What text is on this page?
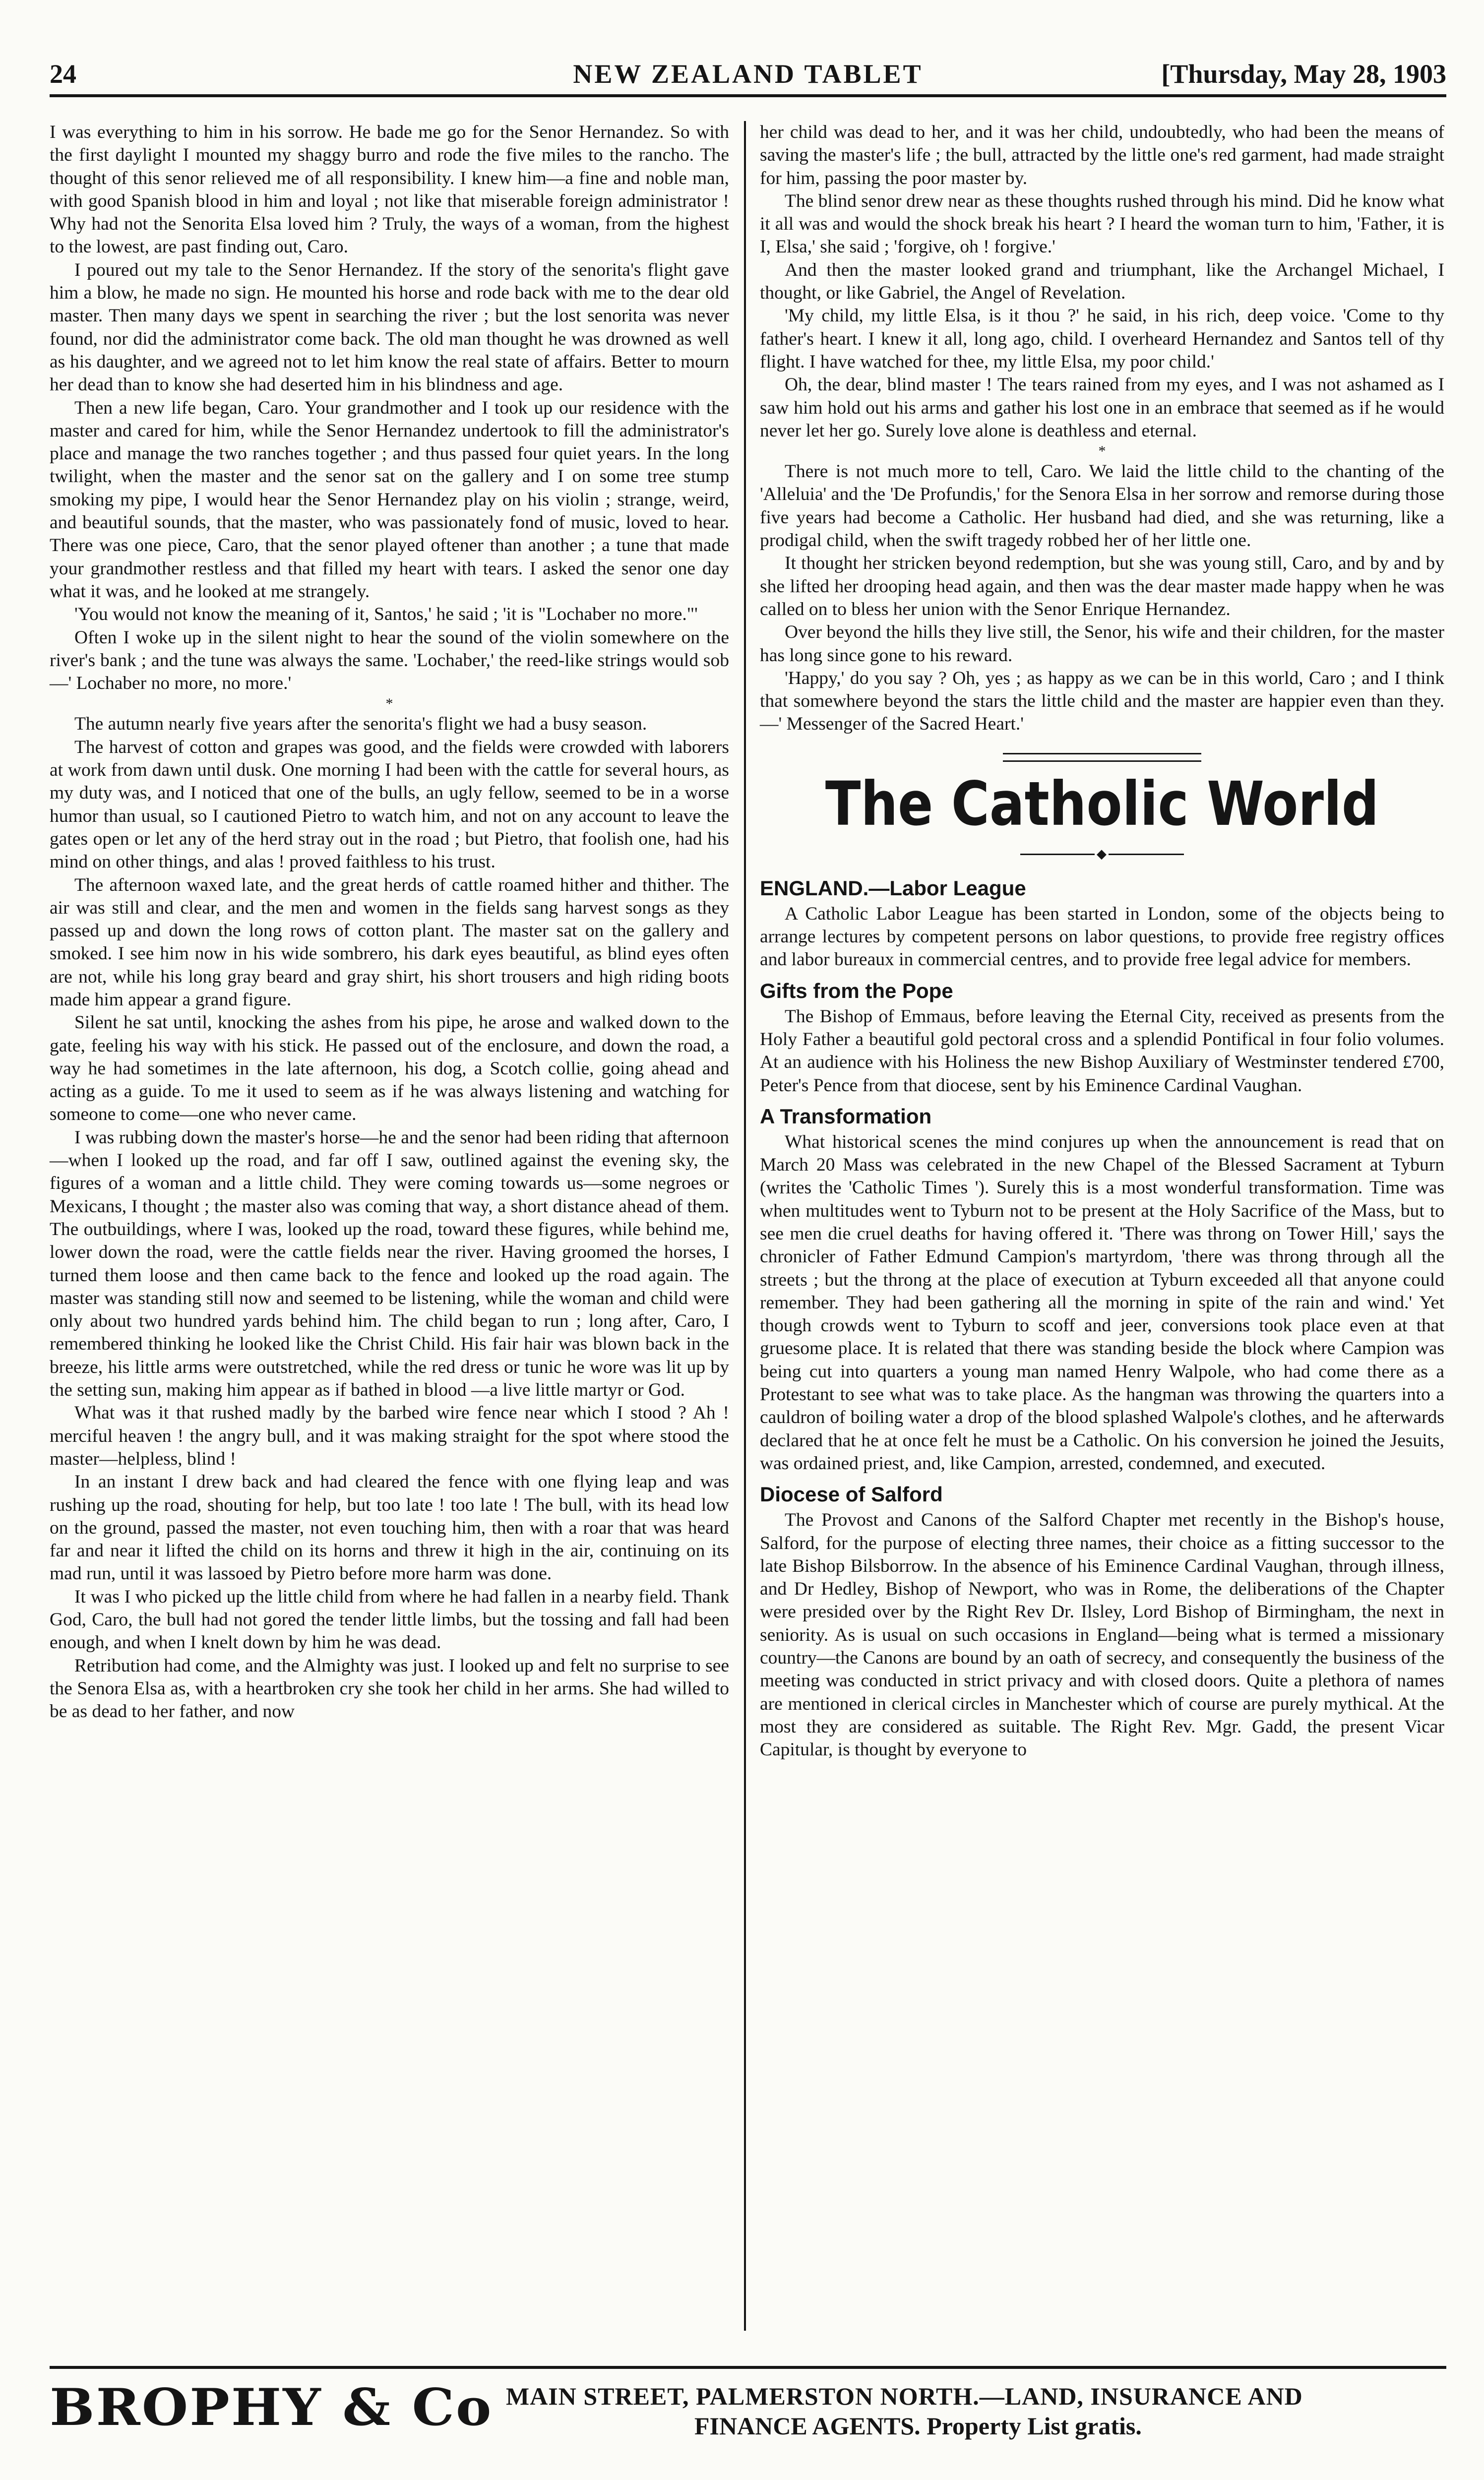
24	NEW ZEALAND TABLET	[Thursday, May 28, 1903

I was everything to him in his sorrow. He bade me go for the Senor Hernandez. So with the first daylight I mounted my shaggy burro and rode the five miles to the rancho. The thought of this senor relieved me of all responsibility. I knew him—a fine and noble man, with good Spanish blood in him and loyal ; not like that miserable foreign administrator ! Why had not the Senorita Elsa loved him ? Truly, the ways of a woman, from the highest to the lowest, are past finding out, Caro.

I poured out my tale to the Senor Hernandez. If the story of the senorita's flight gave him a blow, he made no sign. He mounted his horse and rode back with me to the dear old master. Then many days we spent in searching the river ; but the lost senorita was never found, nor did the administrator come back. The old man thought he was drowned as well as his daughter, and we agreed not to let him know the real state of affairs. Better to mourn her dead than to know she had deserted him in his blindness and age.

Then a new life began, Caro. Your grandmother and I took up our residence with the master and cared for him, while the Senor Hernandez undertook to fill the administrator's place and manage the two ranches together ; and thus passed four quiet years. In the long twilight, when the master and the senor sat on the gallery and I on some tree stump smoking my pipe, I would hear the Senor Hernandez play on his violin ; strange, weird, and beautiful sounds, that the master, who was passionately fond of music, loved to hear. There was one piece, Caro, that the senor played oftener than another ; a tune that made your grandmother restless and that filled my heart with tears. I asked the senor one day what it was, and he looked at me strangely.

'You would not know the meaning of it, Santos,' he said ; 'it is "Lochaber no more."'

Often I woke up in the silent night to hear the sound of the violin somewhere on the river's bank ; and the tune was always the same. 'Lochaber,' the reed-like strings would sob—' Lochaber no more, no more.'

*

The autumn nearly five years after the senorita's flight we had a busy season.

The harvest of cotton and grapes was good, and the fields were crowded with laborers at work from dawn until dusk. One morning I had been with the cattle for several hours, as my duty was, and I noticed that one of the bulls, an ugly fellow, seemed to be in a worse humor than usual, so I cautioned Pietro to watch him, and not on any account to leave the gates open or let any of the herd stray out in the road ; but Pietro, that foolish one, had his mind on other things, and alas ! proved faithless to his trust.

The afternoon waxed late, and the great herds of cattle roamed hither and thither. The air was still and clear, and the men and women in the fields sang harvest songs as they passed up and down the long rows of cotton plant. The master sat on the gallery and smoked. I see him now in his wide sombrero, his dark eyes beautiful, as blind eyes often are not, while his long gray beard and gray shirt, his short trousers and high riding boots made him appear a grand figure.

Silent he sat until, knocking the ashes from his pipe, he arose and walked down to the gate, feeling his way with his stick. He passed out of the enclosure, and down the road, a way he had sometimes in the late afternoon, his dog, a Scotch collie, going ahead and acting as a guide. To me it used to seem as if he was always listening and watching for someone to come—one who never came.

I was rubbing down the master's horse—he and the senor had been riding that afternoon—when I looked up the road, and far off I saw, outlined against the evening sky, the figures of a woman and a little child. They were coming towards us—some negroes or Mexicans, I thought ; the master also was coming that way, a short distance ahead of them. The outbuildings, where I was, looked up the road, toward these figures, while behind me, lower down the road, were the cattle fields near the river. Having groomed the horses, I turned them loose and then came back to the fence and looked up the road again. The master was standing still now and seemed to be listening, while the woman and child were only about two hundred yards behind him. The child began to run ; long after, Caro, I remembered thinking he looked like the Christ Child. His fair hair was blown back in the breeze, his little arms were outstretched, while the red dress or tunic he wore was lit up by the setting sun, making him appear as if bathed in blood —a live little martyr or God.

What was it that rushed madly by the barbed wire fence near which I stood ? Ah ! merciful heaven ! the angry bull, and it was making straight for the spot where stood the master—helpless, blind !

In an instant I drew back and had cleared the fence with one flying leap and was rushing up the road, shouting for help, but too late ! too late ! The bull, with its head low on the ground, passed the master, not even touching him, then with a roar that was heard far and near it lifted the child on its horns and threw it high in the air, continuing on its mad run, until it was lassoed by Pietro before more harm was done.

It was I who picked up the little child from where he had fallen in a nearby field. Thank God, Caro, the bull had not gored the tender little limbs, but the tossing and fall had been enough, and when I knelt down by him he was dead.

Retribution had come, and the Almighty was just. I looked up and felt no surprise to see the Senora Elsa as, with a heartbroken cry she took her child in her arms. She had willed to be as dead to her father, and now

her child was dead to her, and it was her child, undoubtedly, who had been the means of saving the master's life ; the bull, attracted by the little one's red garment, had made straight for him, passing the poor master by.

The blind senor drew near as these thoughts rushed through his mind. Did he know what it all was and would the shock break his heart ? I heard the woman turn to him, 'Father, it is I, Elsa,' she said ; 'forgive, oh ! forgive.'

And then the master looked grand and triumphant, like the Archangel Michael, I thought, or like Gabriel, the Angel of Revelation.

'My child, my little Elsa, is it thou ?' he said, in his rich, deep voice. 'Come to thy father's heart. I knew it all, long ago, child. I overheard Hernandez and Santos tell of thy flight. I have watched for thee, my little Elsa, my poor child.'

Oh, the dear, blind master ! The tears rained from my eyes, and I was not ashamed as I saw him hold out his arms and gather his lost one in an embrace that seemed as if he would never let her go. Surely love alone is deathless and eternal.

*

There is not much more to tell, Caro. We laid the little child to the chanting of the 'Alleluia' and the 'De Profundis,' for the Senora Elsa in her sorrow and remorse during those five years had become a Catholic. Her husband had died, and she was returning, like a prodigal child, when the swift tragedy robbed her of her little one.

It thought her stricken beyond redemption, but she was young still, Caro, and by and by she lifted her drooping head again, and then was the dear master made happy when he was called on to bless her union with the Senor Enrique Hernandez.

Over beyond the hills they live still, the Senor, his wife and their children, for the master has long since gone to his reward.

'Happy,' do you say ? Oh, yes ; as happy as we can be in this world, Caro ; and I think that somewhere beyond the stars the little child and the master are happier even than they.—' Messenger of the Sacred Heart.'

The Catholic World
◆
ENGLAND.—Labor League

A Catholic Labor League has been started in London, some of the objects being to arrange lectures by competent persons on labor questions, to provide free registry offices and labor bureaux in commercial centres, and to provide free legal advice for members.

Gifts from the Pope

The Bishop of Emmaus, before leaving the Eternal City, received as presents from the Holy Father a beautiful gold pectoral cross and a splendid Pontifical in four folio volumes. At an audience with his Holiness the new Bishop Auxiliary of Westminster tendered £700, Peter's Pence from that diocese, sent by his Eminence Cardinal Vaughan.

A Transformation

What historical scenes the mind conjures up when the announcement is read that on March 20 Mass was celebrated in the new Chapel of the Blessed Sacrament at Tyburn (writes the 'Catholic Times '). Surely this is a most wonderful transformation. Time was when multitudes went to Tyburn not to be present at the Holy Sacrifice of the Mass, but to see men die cruel deaths for having offered it. 'There was throng on Tower Hill,' says the chronicler of Father Edmund Campion's martyrdom, 'there was throng through all the streets ; but the throng at the place of execution at Tyburn exceeded all that anyone could remember. They had been gathering all the morning in spite of the rain and wind.' Yet though crowds went to Tyburn to scoff and jeer, conversions took place even at that gruesome place. It is related that there was standing beside the block where Campion was being cut into quarters a young man named Henry Walpole, who had come there as a Protestant to see what was to take place. As the hangman was throwing the quarters into a cauldron of boiling water a drop of the blood splashed Walpole's clothes, and he afterwards declared that he at once felt he must be a Catholic. On his conversion he joined the Jesuits, was ordained priest, and, like Campion, arrested, condemned, and executed.

Diocese of Salford

The Provost and Canons of the Salford Chapter met recently in the Bishop's house, Salford, for the purpose of electing three names, their choice as a fitting successor to the late Bishop Bilsborrow. In the absence of his Eminence Cardinal Vaughan, through illness, and Dr Hedley, Bishop of Newport, who was in Rome, the deliberations of the Chapter were presided over by the Right Rev Dr. Ilsley, Lord Bishop of Birmingham, the next in seniority. As is usual on such occasions in England—being what is termed a missionary country—the Canons are bound by an oath of secrecy, and consequently the business of the meeting was conducted in strict privacy and with closed doors. Quite a plethora of names are mentioned in clerical circles in Manchester which of course are purely mythical. At the most they are considered as suitable. The Right Rev. Mgr. Gadd, the present Vicar Capitular, is thought by everyone to

BROPHY & Co MAIN STREET, PALMERSTON NORTH.—LAND, INSURANCE AND
FINANCE AGENTS. Property List gratis.
